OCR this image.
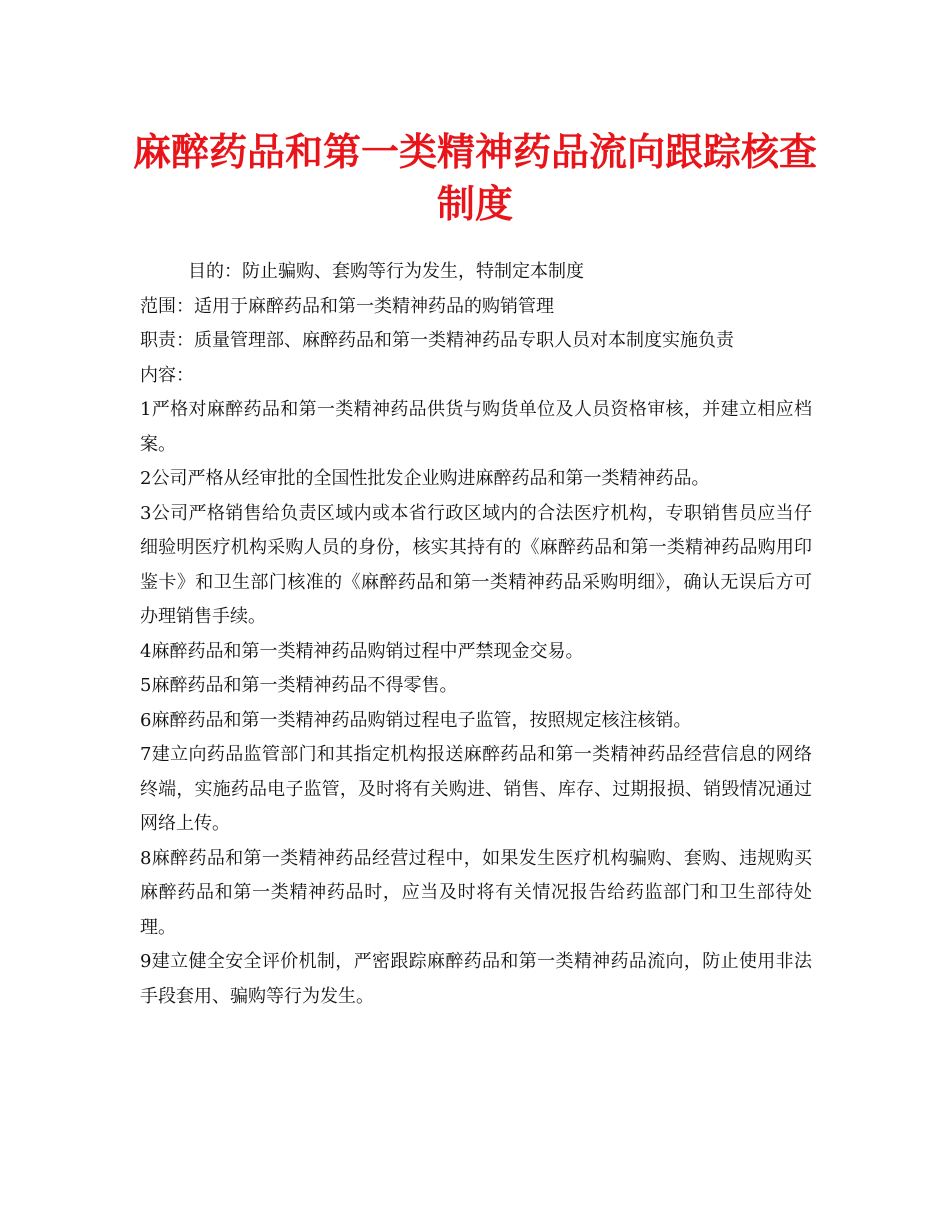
麻醉药品和第一类精神药品流向跟踪核查制度

目的：防止骗购、套购等行为发生，特制定本制度

范围：适用于麻醉药品和第一类精神药品的购销管理

职责：质量管理部、麻醉药品和第一类精神药品专职人员对本制度实施负责

内容：

1严格对麻醉药品和第一类精神药品供货与购货单位及人员资格审核，并建立相应档案。

2公司严格从经审批的全国性批发企业购进麻醉药品和第一类精神药品。

3公司严格销售给负责区域内或本省行政区域内的合法医疗机构，专职销售员应当仔细验明医疗机构采购人员的身份，核实其持有的《麻醉药品和第一类精神药品购用印鉴卡》和卫生部门核准的《麻醉药品和第一类精神药品采购明细》，确认无误后方可办理销售手续。

4麻醉药品和第一类精神药品购销过程中严禁现金交易。

5麻醉药品和第一类精神药品不得零售。

6麻醉药品和第一类精神药品购销过程电子监管，按照规定核注核销。

7建立向药品监管部门和其指定机构报送麻醉药品和第一类精神药品经营信息的网络终端，实施药品电子监管，及时将有关购进、销售、库存、过期报损、销毁情况通过网络上传。

8麻醉药品和第一类精神药品经营过程中，如果发生医疗机构骗购、套购、违规购买麻醉药品和第一类精神药品时，应当及时将有关情况报告给药监部门和卫生部待处理。

9建立健全安全评价机制，严密跟踪麻醉药品和第一类精神药品流向，防止使用非法手段套用、骗购等行为发生。
